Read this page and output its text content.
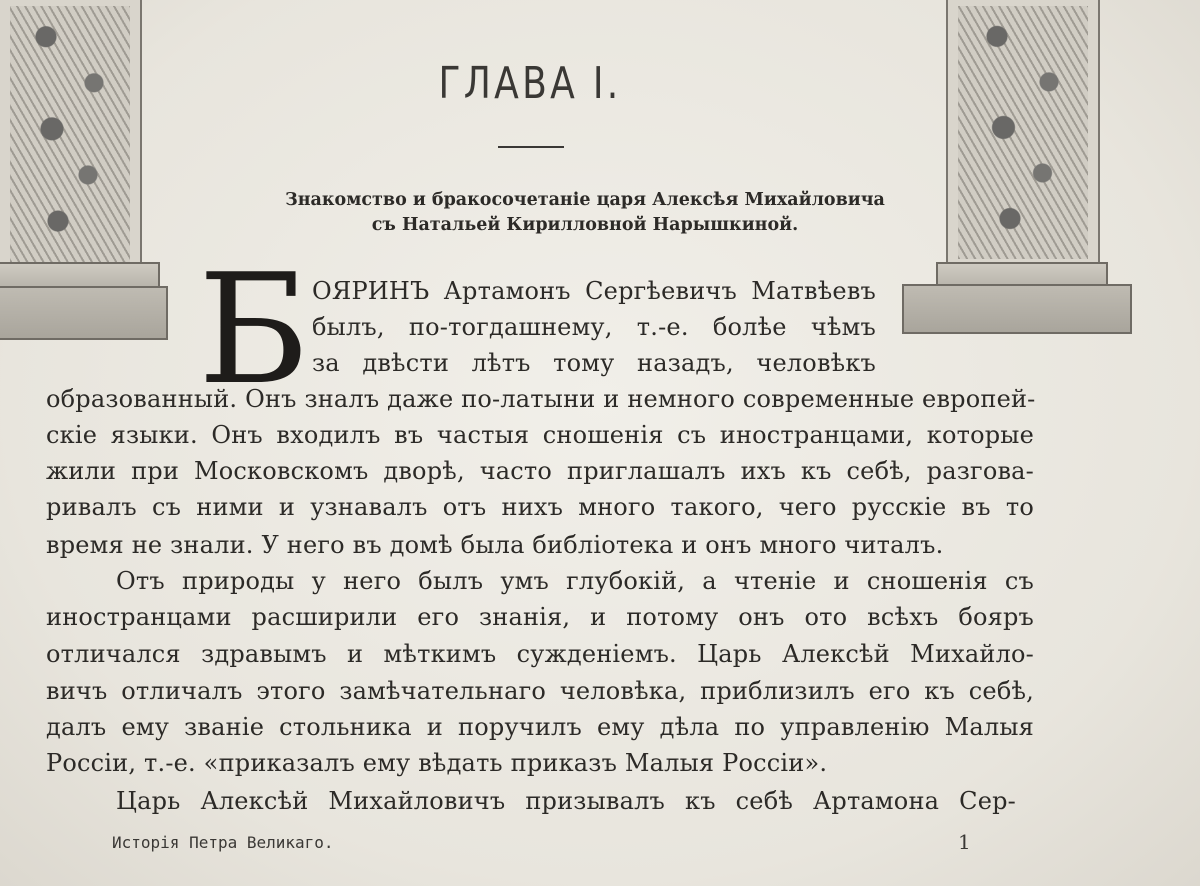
ГЛАВА I.
Знакомство и бракосочетаніе царя Алексѣя Михайловича
съ Натальей Кирилловной Нарышкиной.
Б ОЯРИНЪ Артамонъ Сергѣевичъ Матвѣевъ
былъ, по-тогдашнему, т.-е. болѣе чѣмъ
за двѣсти лѣтъ тому назадъ, человѣкъ
образованный. Онъ зналъ даже по-латыни и немного современные европей-
скіе языки. Онъ входилъ въ частыя сношенія съ иностранцами, которые
жили при Московскомъ дворѣ, часто приглашалъ ихъ къ себѣ, разгова-
ривалъ съ ними и узнавалъ отъ нихъ много такого, чего русскіе въ то
время не знали. У него въ домѣ была библіотека и онъ много читалъ.
Отъ природы у него былъ умъ глубокій, а чтеніе и сношенія съ
иностранцами расширили его знанія, и потому онъ ото всѣхъ бояръ
отличался здравымъ и мѣткимъ сужденіемъ. Царь Алексѣй Михайло-
вичъ отличалъ этого замѣчательнаго человѣка, приблизилъ его къ себѣ,
далъ ему званіе стольника и поручилъ ему дѣла по управленію Малыя
Россіи, т.-е. «приказалъ ему вѣдать приказъ Малыя Россіи».
Царь Алексѣй Михайловичъ призывалъ къ себѣ Артамона Сер-
Исторія Петра Великаго.	1
